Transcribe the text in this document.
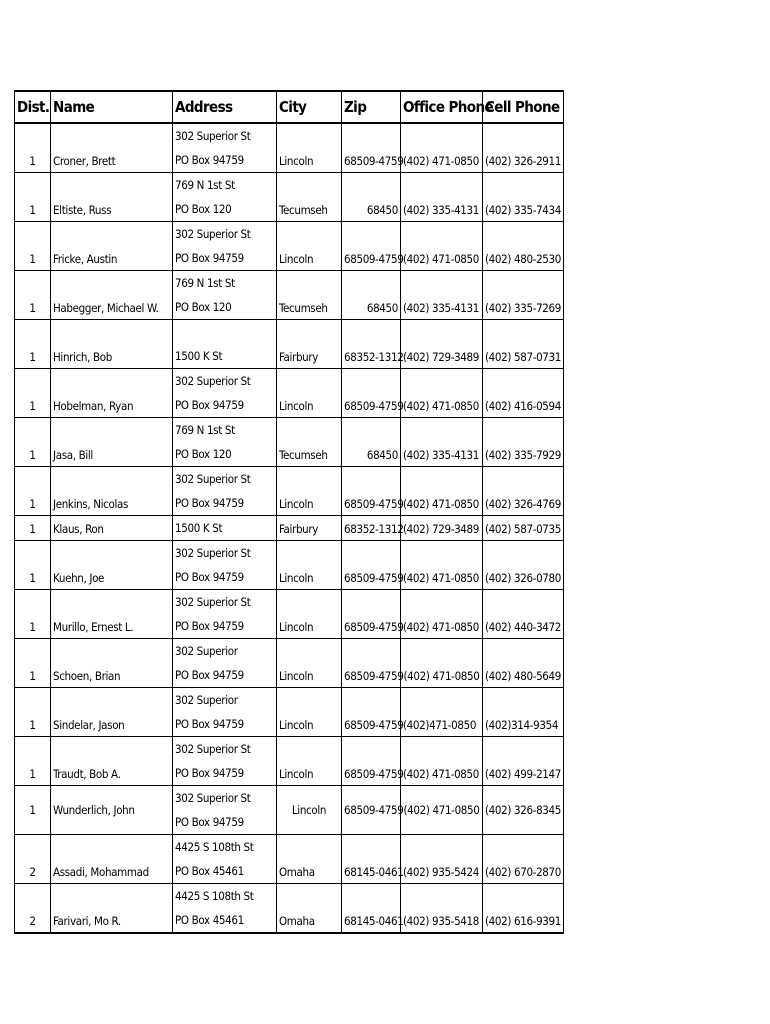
Dist.	Name	Address	City	Zip	Office Phone	Cell Phone
1	Croner, Brett	302 Superior St
PO Box 94759	Lincoln	68509-4759	(402) 471-0850	(402) 326-2911
1	Eltiste, Russ	769 N 1st St
PO Box 120	Tecumseh	68450	(402) 335-4131	(402) 335-7434
1	Fricke, Austin	302 Superior St
PO Box 94759	Lincoln	68509-4759	(402) 471-0850	(402) 480-2530
1	Habegger, Michael W.	769 N 1st St
PO Box 120	Tecumseh	68450	(402) 335-4131	(402) 335-7269
1	Hinrich, Bob	1500 K St	Fairbury	68352-1312	(402) 729-3489	(402) 587-0731
1	Hobelman, Ryan	302 Superior St
PO Box 94759	Lincoln	68509-4759	(402) 471-0850	(402) 416-0594
1	Jasa, Bill	769 N 1st St
PO Box 120	Tecumseh	68450	(402) 335-4131	(402) 335-7929
1	Jenkins, Nicolas	302 Superior St
PO Box 94759	Lincoln	68509-4759	(402) 471-0850	(402) 326-4769
1	Klaus, Ron	1500 K St	Fairbury	68352-1312	(402) 729-3489	(402) 587-0735
1	Kuehn, Joe	302 Superior St
PO Box 94759	Lincoln	68509-4759	(402) 471-0850	(402) 326-0780
1	Murillo, Ernest L.	302 Superior St
PO Box 94759	Lincoln	68509-4759	(402) 471-0850	(402) 440-3472
1	Schoen, Brian	302 Superior
PO Box 94759	Lincoln	68509-4759	(402) 471-0850	(402) 480-5649
1	Sindelar, Jason	302 Superior
PO Box 94759	Lincoln	68509-4759	(402)471-0850	(402)314-9354
1	Traudt, Bob A.	302 Superior St
PO Box 94759	Lincoln	68509-4759	(402) 471-0850	(402) 499-2147
1	Wunderlich, John	302 Superior St
PO Box 94759	Lincoln	68509-4759	(402) 471-0850	(402) 326-8345
2	Assadi, Mohammad	4425 S 108th St
PO Box 45461	Omaha	68145-0461	(402) 935-5424	(402) 670-2870
2	Farivari, Mo R.	4425 S 108th St
PO Box 45461	Omaha	68145-0461	(402) 935-5418	(402) 616-9391
